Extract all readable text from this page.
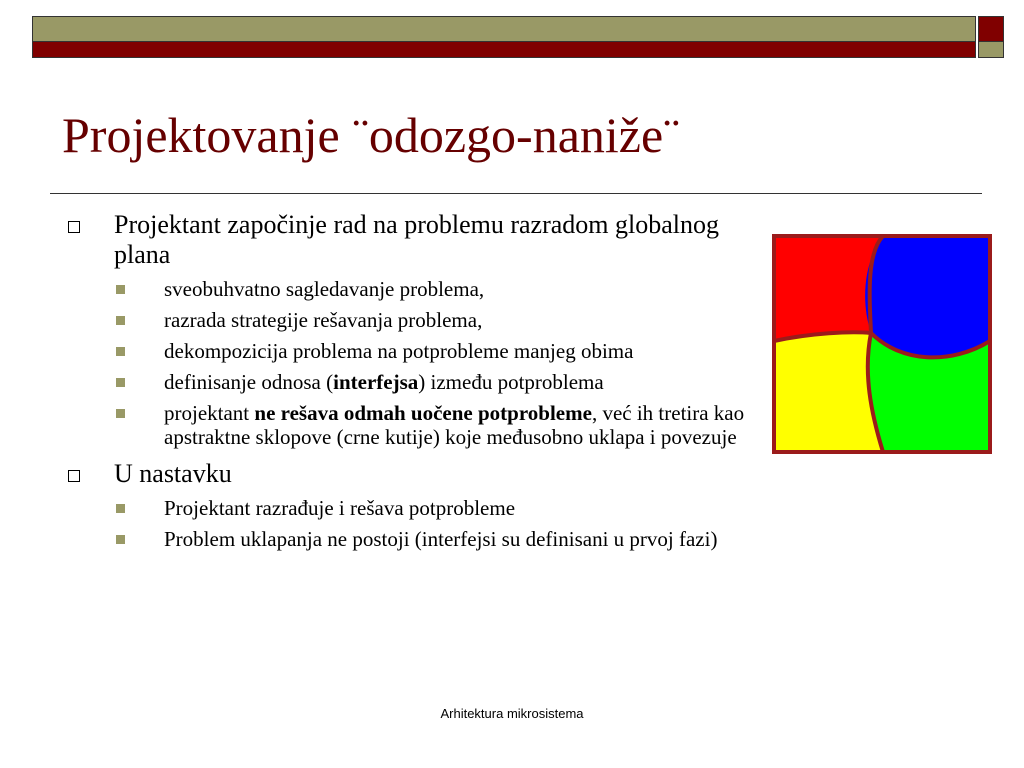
Projektovanje ¨odozgo-naniže¨
Projektant započinje rad na problemu razradom globalnog plana
sveobuhvatno sagledavanje problema,
razrada strategije rešavanja problema,
dekompozicija problema na potprobleme manjeg obima
definisanje odnosa (interfejsa) između potproblema
projektant ne rešava odmah uočene potprobleme, već ih tretira kao apstraktne sklopove (crne kutije) koje međusobno uklapa i povezuje
U nastavku
Projektant razrađuje i rešava potprobleme
Problem uklapanja ne postoji (interfejsi su definisani u prvoj fazi)
Arhitektura mikrosistema
